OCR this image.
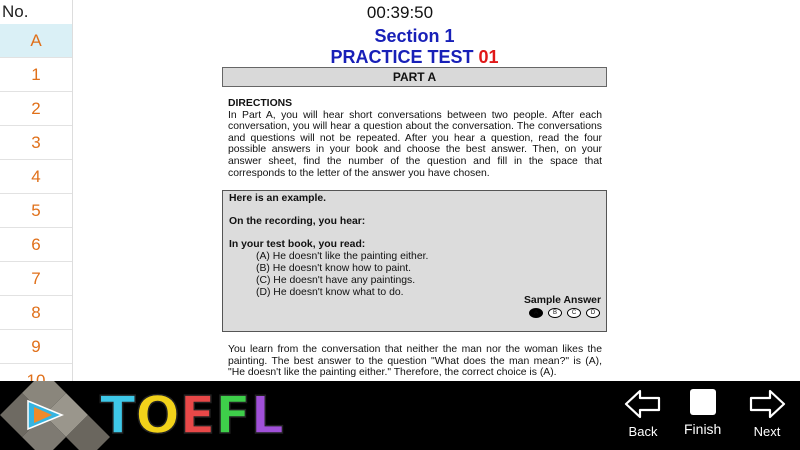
No.
A
1
2
3
4
5
6
7
8
9
00:39:50
Section 1
PRACTICE TEST 01
PART A
DIRECTIONS
In Part A, you will hear short conversations between two people. After each conversation, you will hear a question about the conversation. The conversations and questions will not be repeated. After you hear a question, read the four possible answers in your book and choose the best answer. Then, on your answer sheet, find the number of the question and fill in the space that corresponds to the letter of the answer you have chosen.
Here is an example.
On the recording, you hear:
In your test book, you read:
(A) He doesn't like the painting either.
(B) He doesn't know how to paint.
(C) He doesn't have any paintings.
(D) He doesn't know what to do.
Sample Answer
A	B	C	D
You learn from the conversation that neither the man nor the woman likes the painting. The best answer to the question "What does the man mean?" is (A), "He doesn't like the painting either." Therefore, the correct choice is (A).
T O E F L	Back	Finish	Next
